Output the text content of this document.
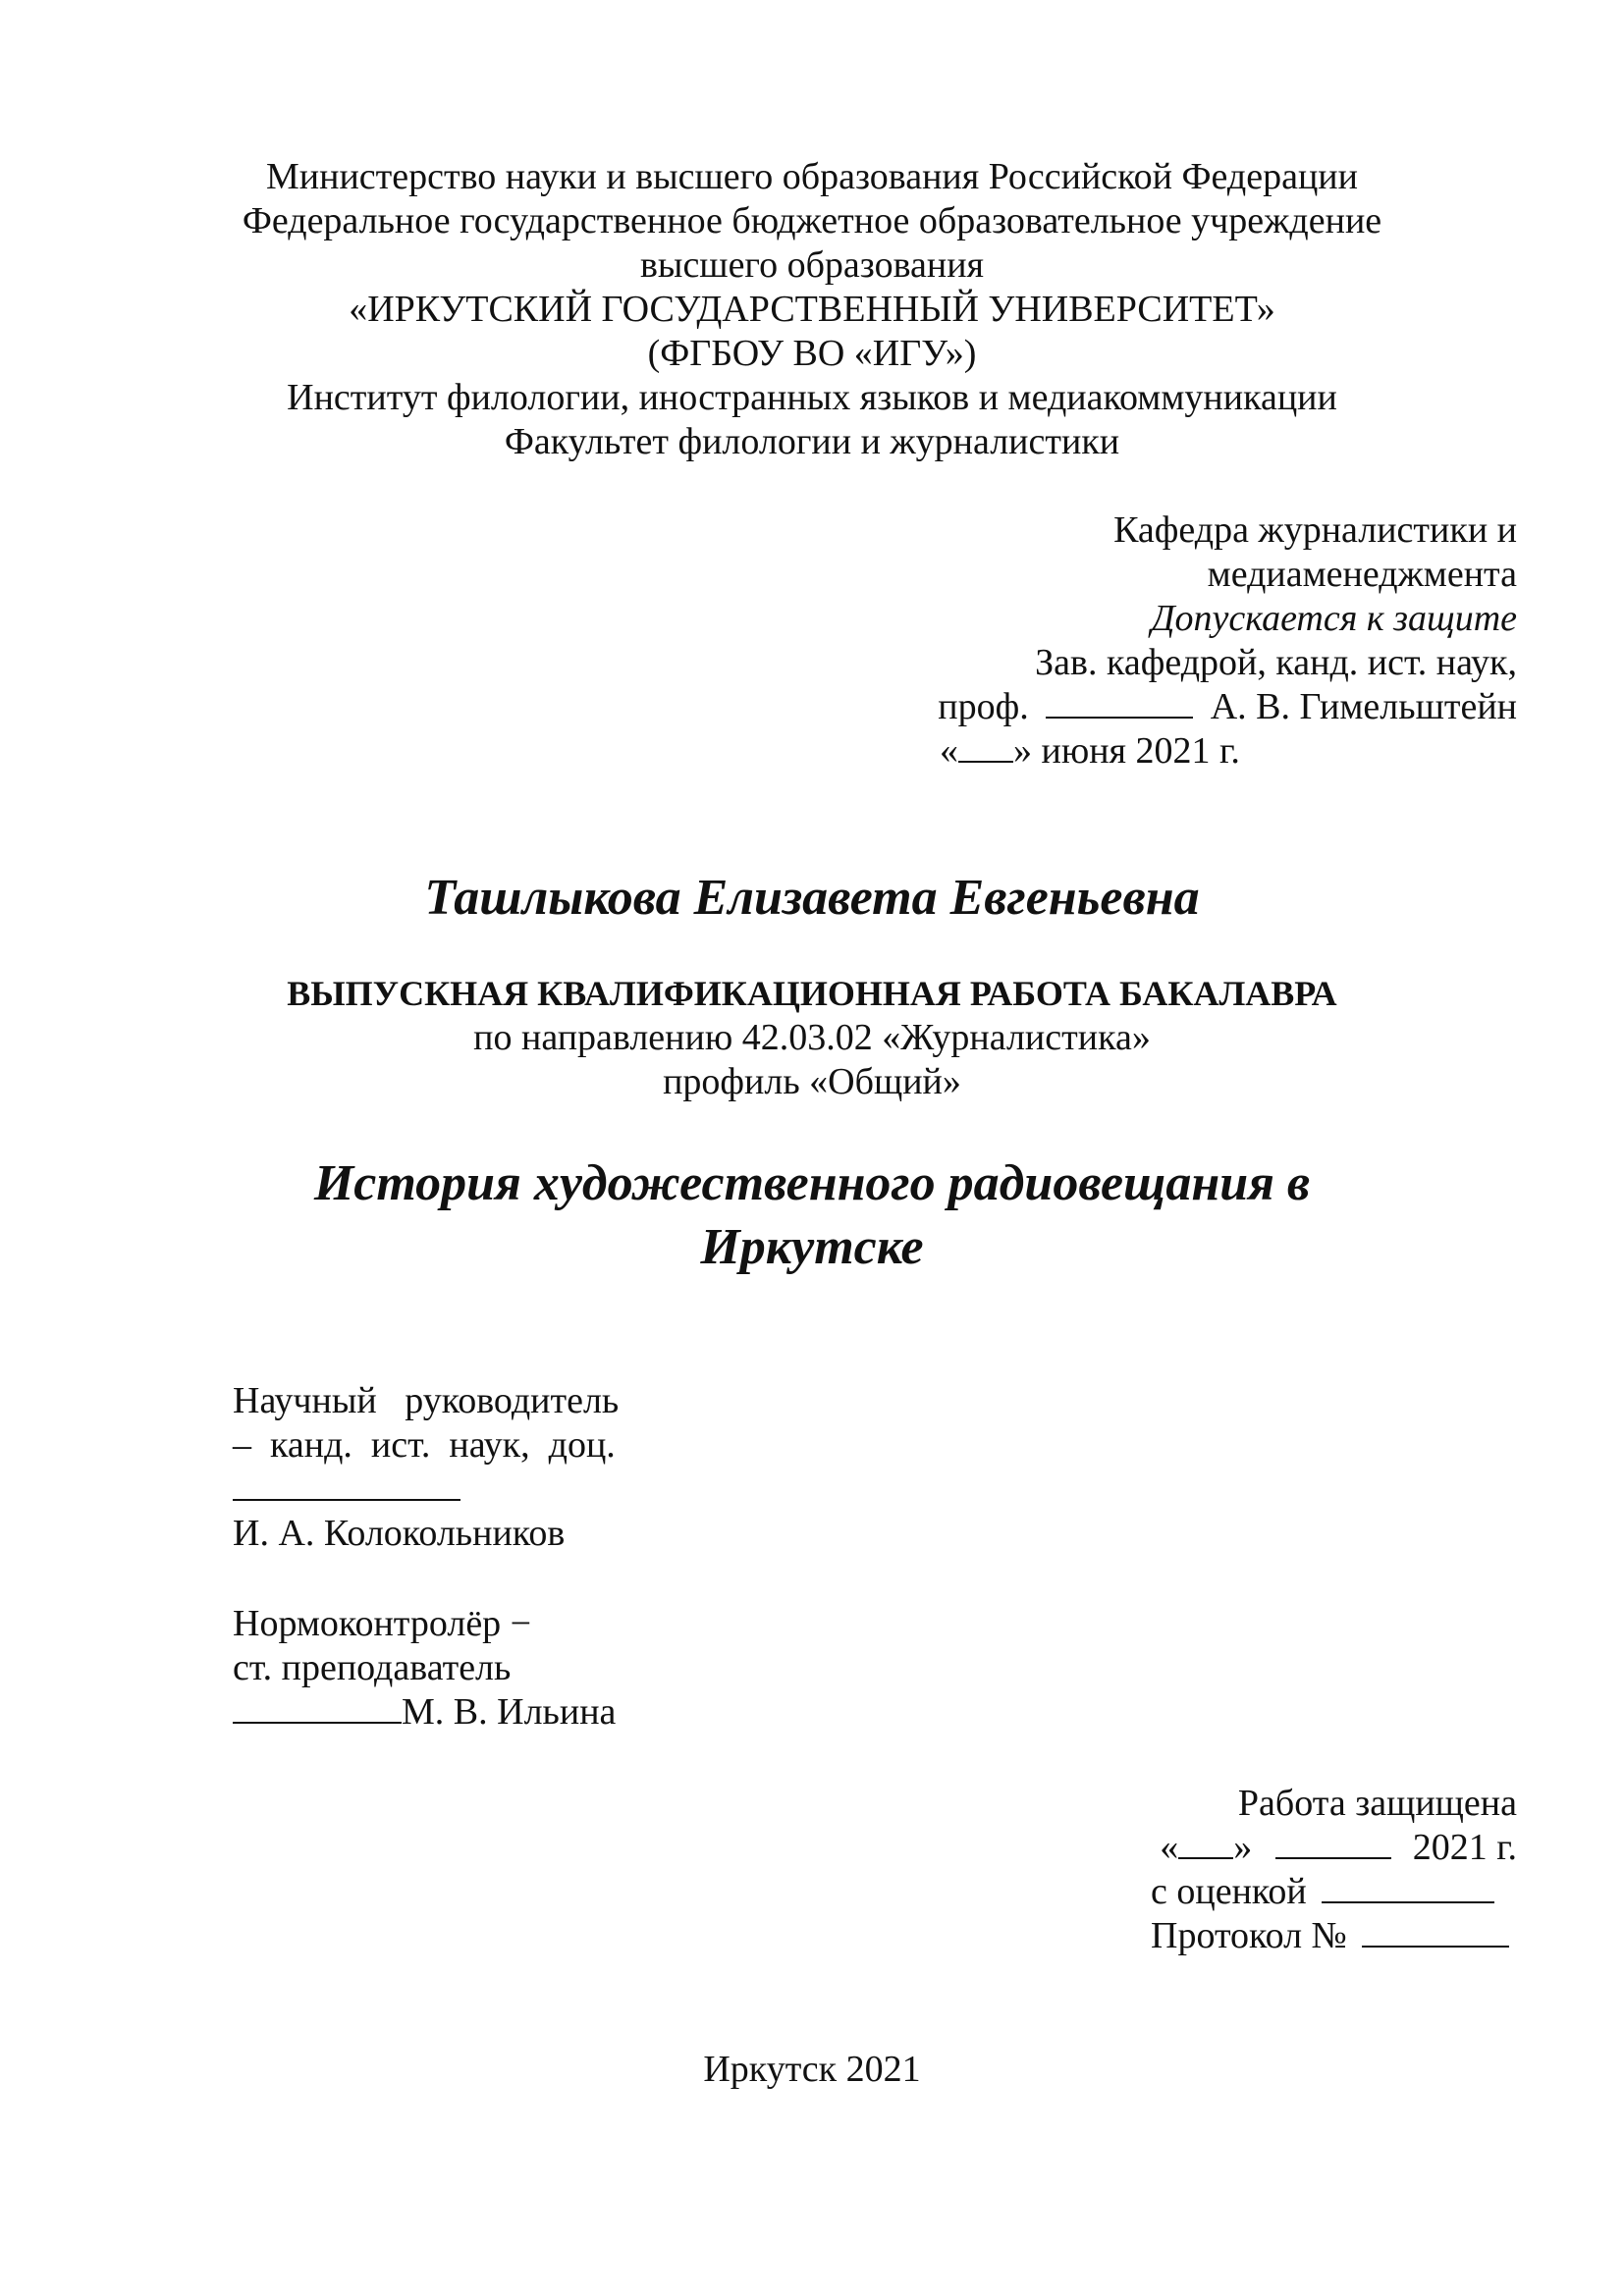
Министерство науки и высшего образования Российской Федерации
Федеральное государственное бюджетное образовательное учреждение
высшего образования
«ИРКУТСКИЙ ГОСУДАРСТВЕННЫЙ УНИВЕРСИТЕТ»
(ФГБОУ ВО «ИГУ»)
Институт филологии, иностранных языков и медиакоммуникации
Факультет филологии и журналистики
Кафедра журналистики и
медиаменеджмента
Допускается к защите
Зав. кафедрой, канд. ист. наук,
проф.	А. В. Гимельштейн
« » июня 2021 г.
Ташлыкова Елизавета Евгеньевна
ВЫПУСКНАЯ КВАЛИФИКАЦИОННАЯ РАБОТА БАКАЛАВРА
по направлению 42.03.02 «Журналистика»
профиль «Общий»
История художественного радиовещания в
Иркутске
Научный   руководитель
–  канд.  ист.  наук,  доц.
И. А. Колокольников
Нормоконтролёр −
ст. преподаватель
М. В. Ильина
Работа защищена
« »	2021 г.
с оценкой
Протокол №
Иркутск 2021
